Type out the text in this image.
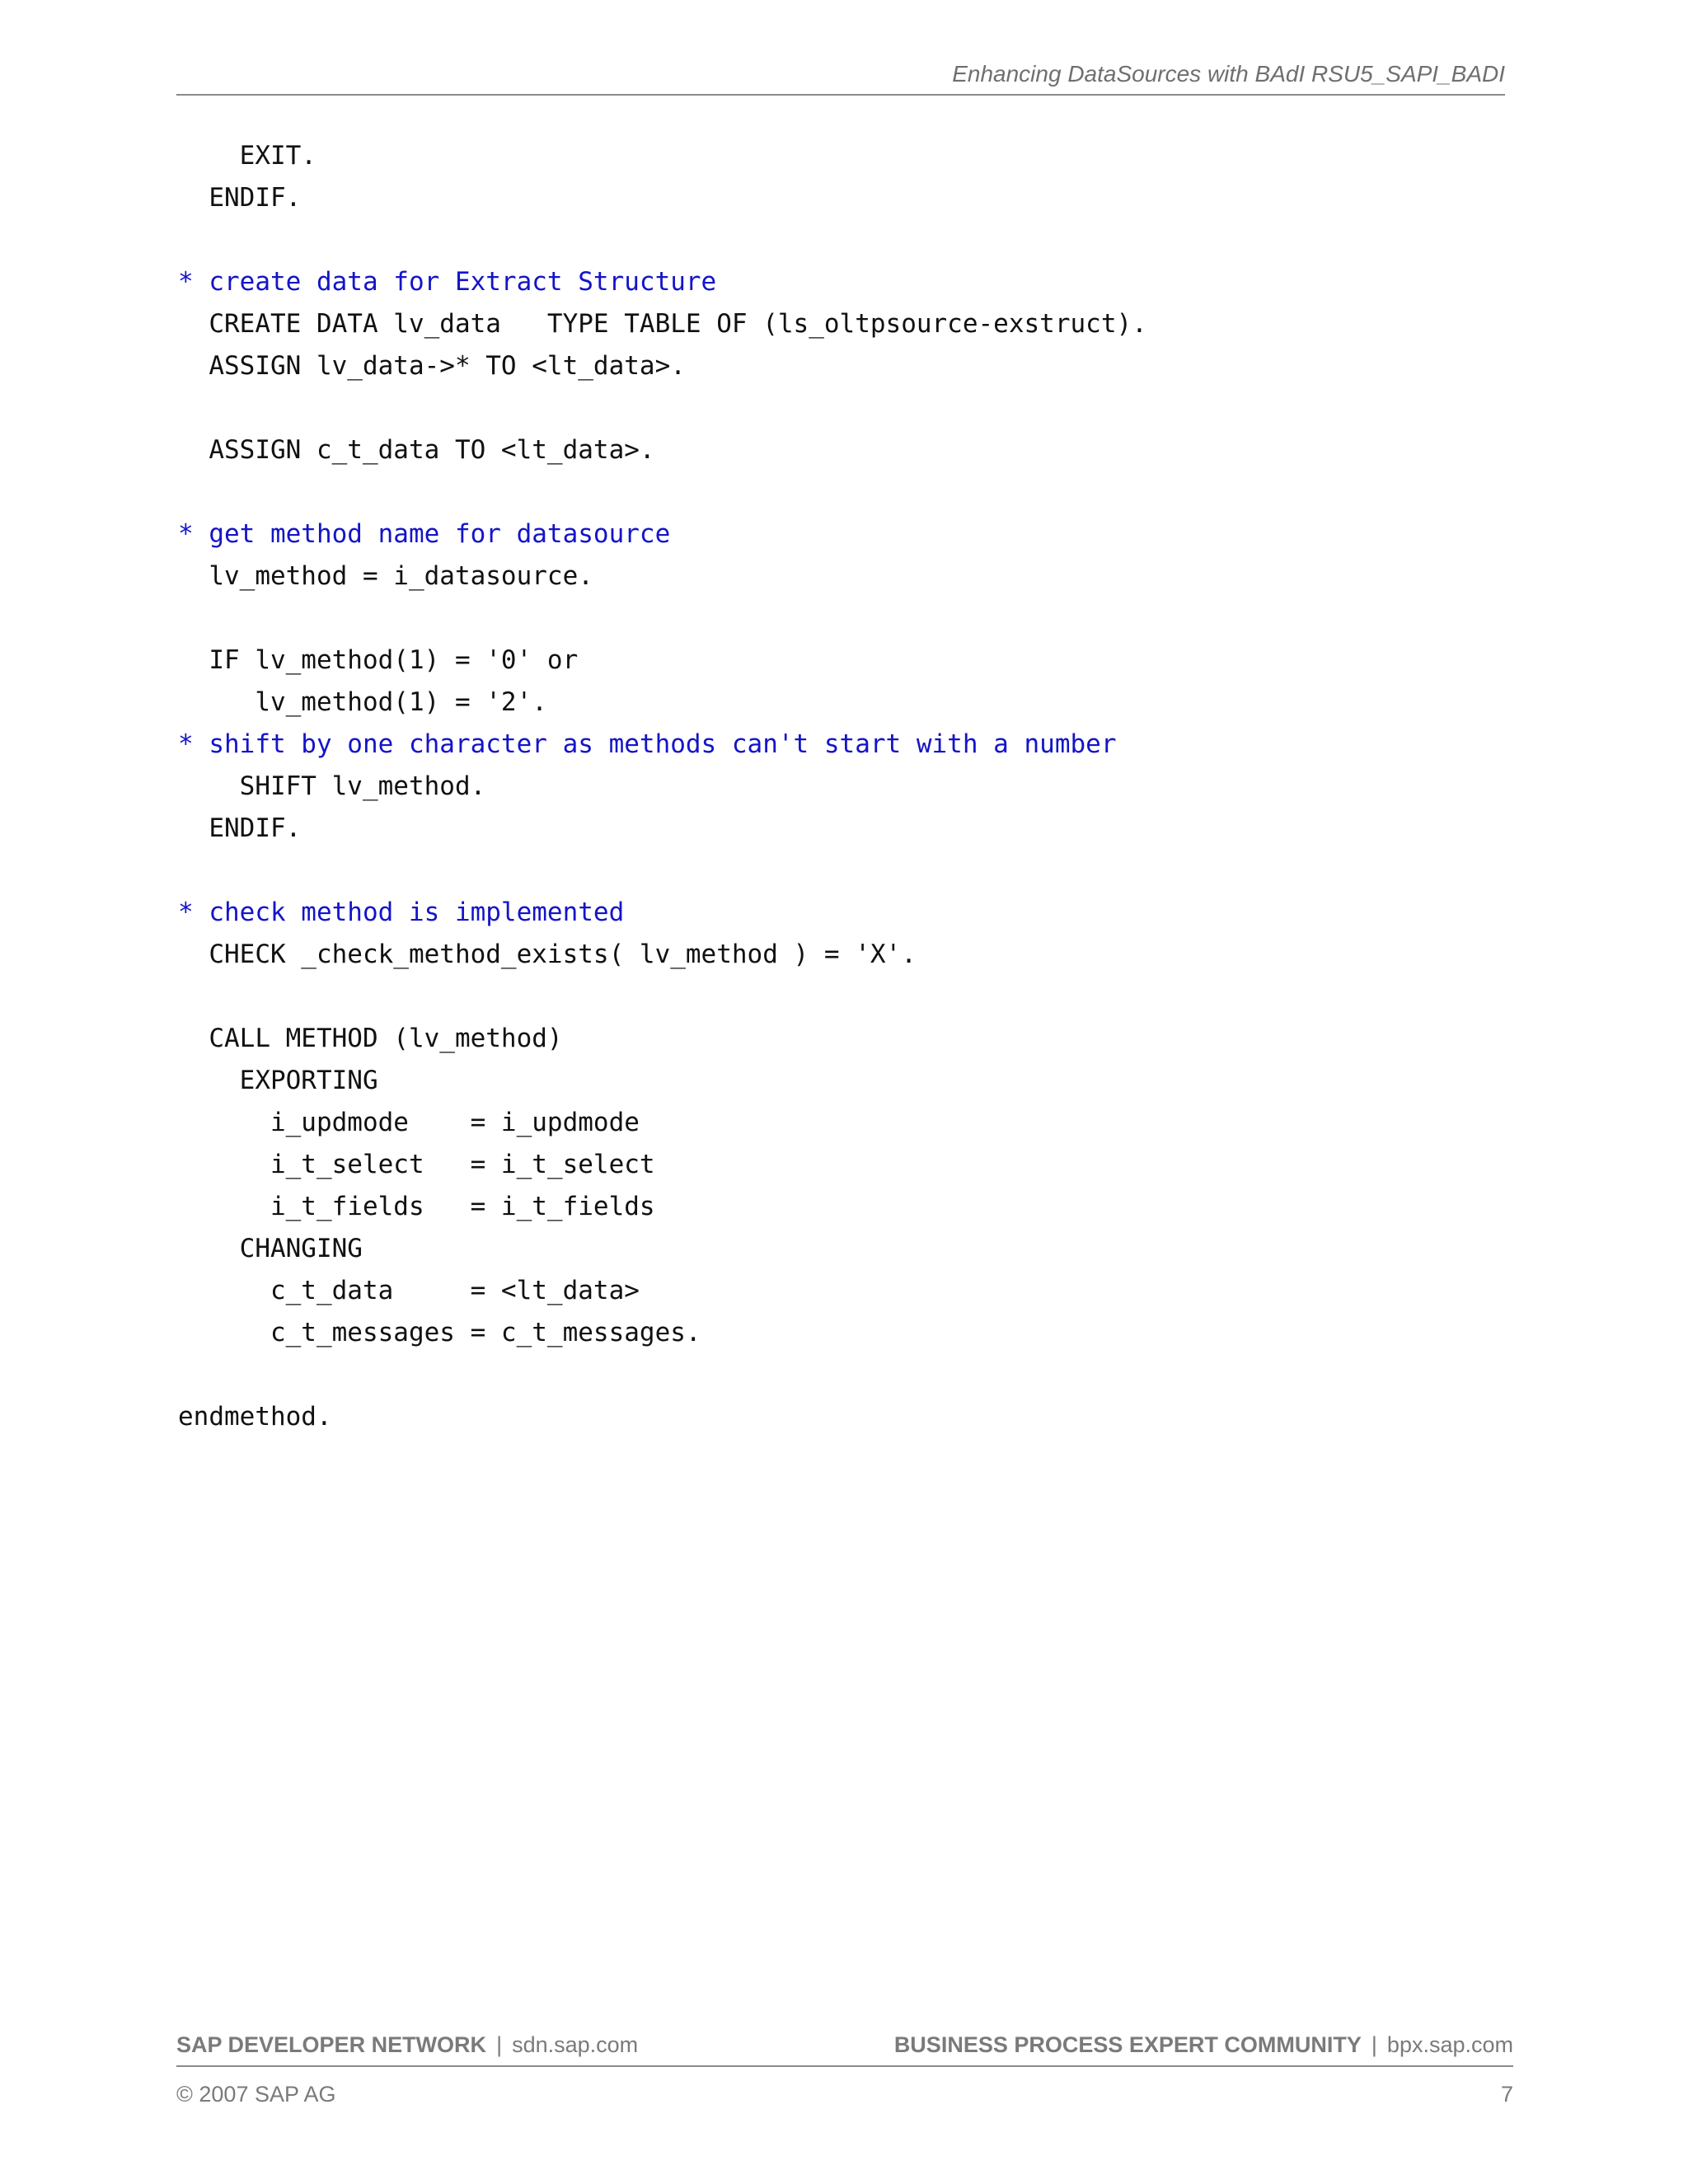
Enhancing DataSources with BAdI RSU5_SAPI_BADI
EXIT.
ENDIF.
* create data for Extract Structure
CREATE DATA lv_data   TYPE TABLE OF (ls_oltpsource-exstruct).
ASSIGN lv_data->* TO <lt_data>.
ASSIGN c_t_data TO <lt_data>.
* get method name for datasource
lv_method = i_datasource.
IF lv_method(1) = '0' or
lv_method(1) = '2'.
* shift by one character as methods can't start with a number
SHIFT lv_method.
ENDIF.
* check method is implemented
CHECK _check_method_exists( lv_method ) = 'X'.
CALL METHOD (lv_method)
EXPORTING
i_updmode    = i_updmode
i_t_select   = i_t_select
i_t_fields   = i_t_fields
CHANGING
c_t_data     = <lt_data>
c_t_messages = c_t_messages.
endmethod.
SAP DEVELOPER NETWORK | sdn.sap.com	BUSINESS PROCESS EXPERT COMMUNITY | bpx.sap.com
© 2007 SAP AG	7
